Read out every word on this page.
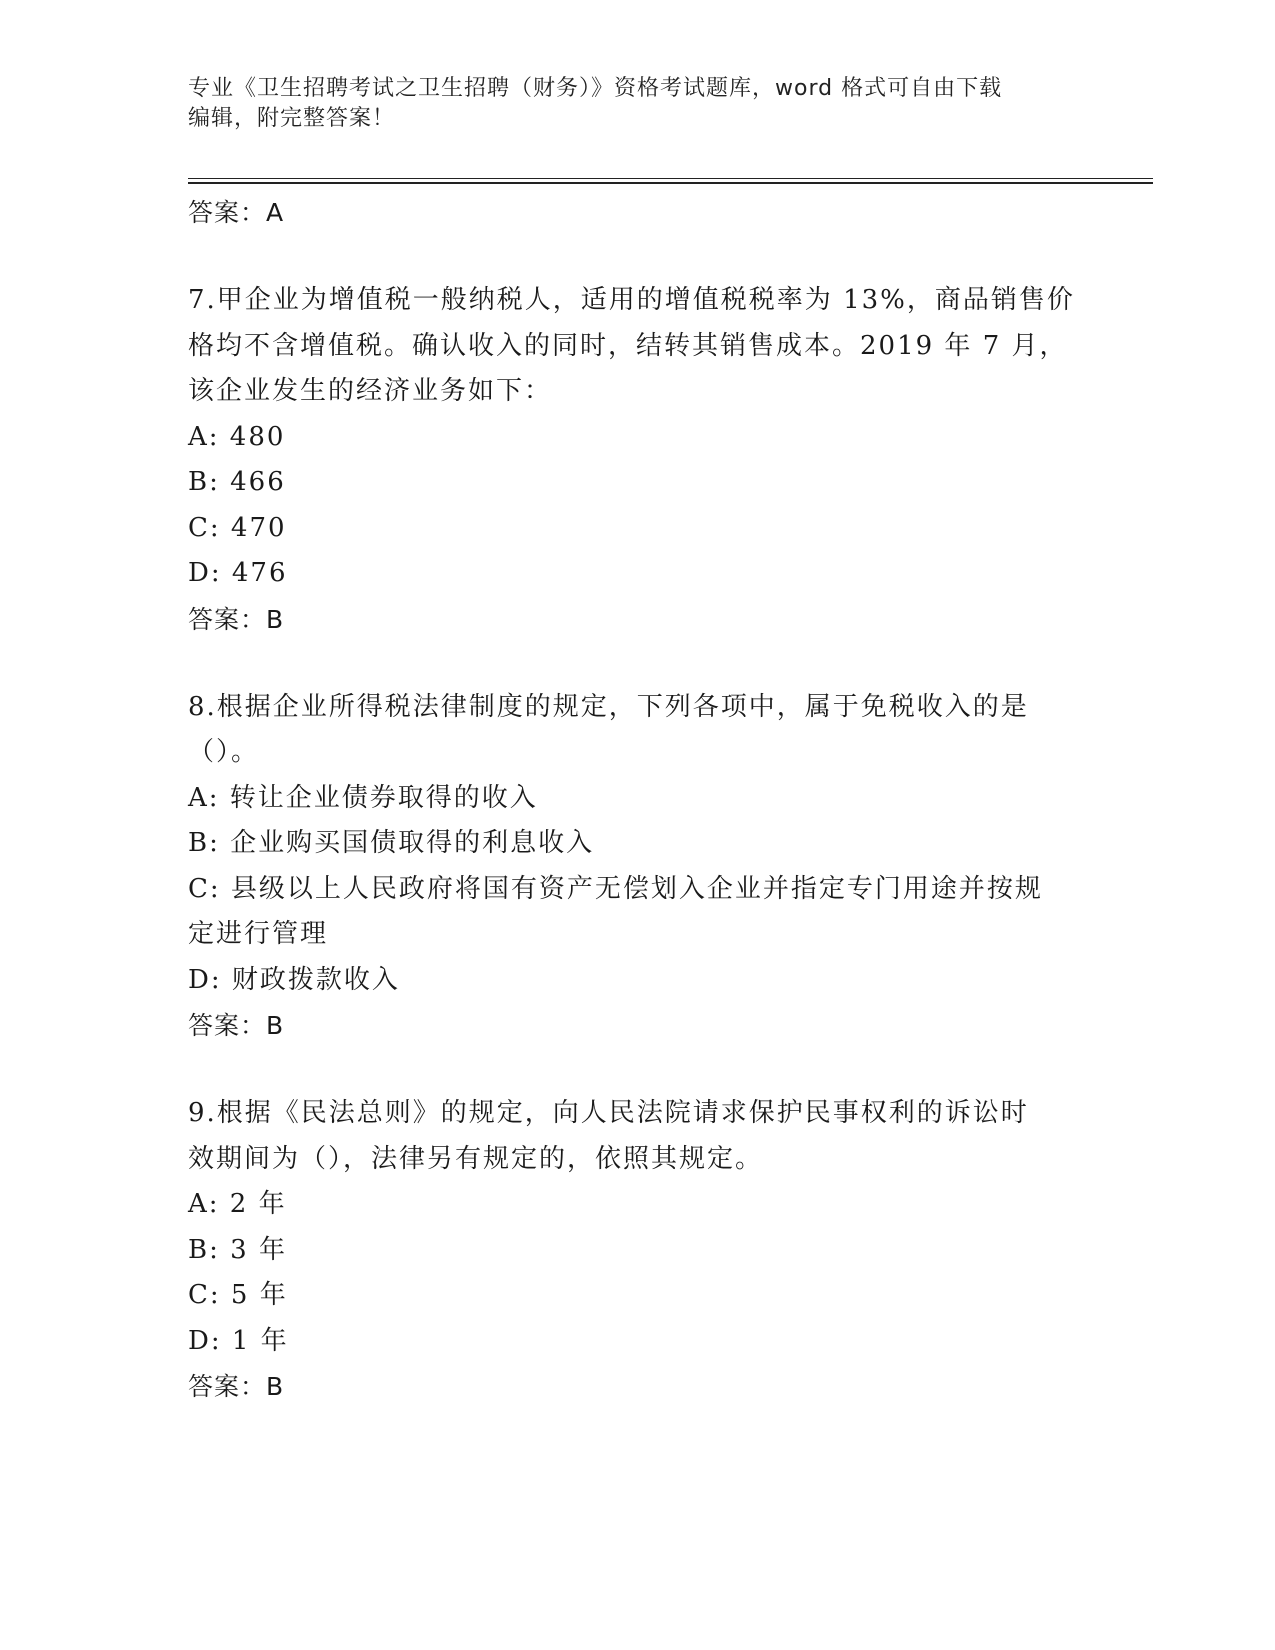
专业《卫生招聘考试之卫生招聘（财务）》资格考试题库，word 格式可自由下载
编辑，附完整答案！
答案：A
7.甲企业为增值税一般纳税人，适用的增值税税率为 13%，商品销售价
格均不含增值税。确认收入的同时，结转其销售成本。2019 年 7 月，
该企业发生的经济业务如下：
A: 480
B: 466
C: 470
D: 476
答案：B
8.根据企业所得税法律制度的规定，下列各项中，属于免税收入的是
（）。
A: 转让企业债券取得的收入
B: 企业购买国债取得的利息收入
C: 县级以上人民政府将国有资产无偿划入企业并指定专门用途并按规
定进行管理
D: 财政拨款收入
答案：B
9.根据《民法总则》的规定，向人民法院请求保护民事权利的诉讼时
效期间为（），法律另有规定的，依照其规定。
A: 2 年
B: 3 年
C: 5 年
D: 1 年
答案：B
